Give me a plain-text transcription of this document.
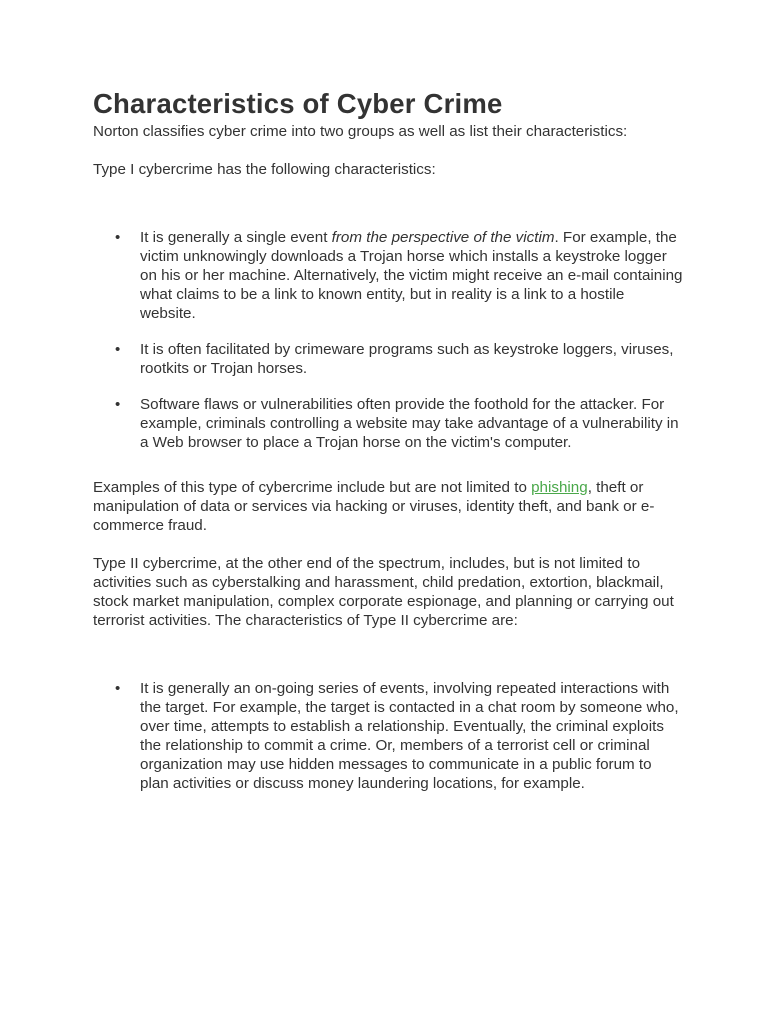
Characteristics of Cyber Crime

Norton classifies cyber crime into two groups as well as list their characteristics:

Type I cybercrime has the following characteristics:

• It is generally a single event from the perspective of the victim. For example, the victim unknowingly downloads a Trojan horse which installs a keystroke logger on his or her machine. Alternatively, the victim might receive an e-mail containing what claims to be a link to known entity, but in reality is a link to a hostile website.
• It is often facilitated by crimeware programs such as keystroke loggers, viruses, rootkits or Trojan horses.
• Software flaws or vulnerabilities often provide the foothold for the attacker. For example, criminals controlling a website may take advantage of a vulnerability in a Web browser to place a Trojan horse on the victim's computer.

Examples of this type of cybercrime include but are not limited to phishing, theft or manipulation of data or services via hacking or viruses, identity theft, and bank or e-commerce fraud.

Type II cybercrime, at the other end of the spectrum, includes, but is not limited to activities such as cyberstalking and harassment, child predation, extortion, blackmail, stock market manipulation, complex corporate espionage, and planning or carrying out terrorist activities. The characteristics of Type II cybercrime are:

• It is generally an on-going series of events, involving repeated interactions with the target. For example, the target is contacted in a chat room by someone who, over time, attempts to establish a relationship. Eventually, the criminal exploits the relationship to commit a crime. Or, members of a terrorist cell or criminal organization may use hidden messages to communicate in a public forum to plan activities or discuss money laundering locations, for example.
